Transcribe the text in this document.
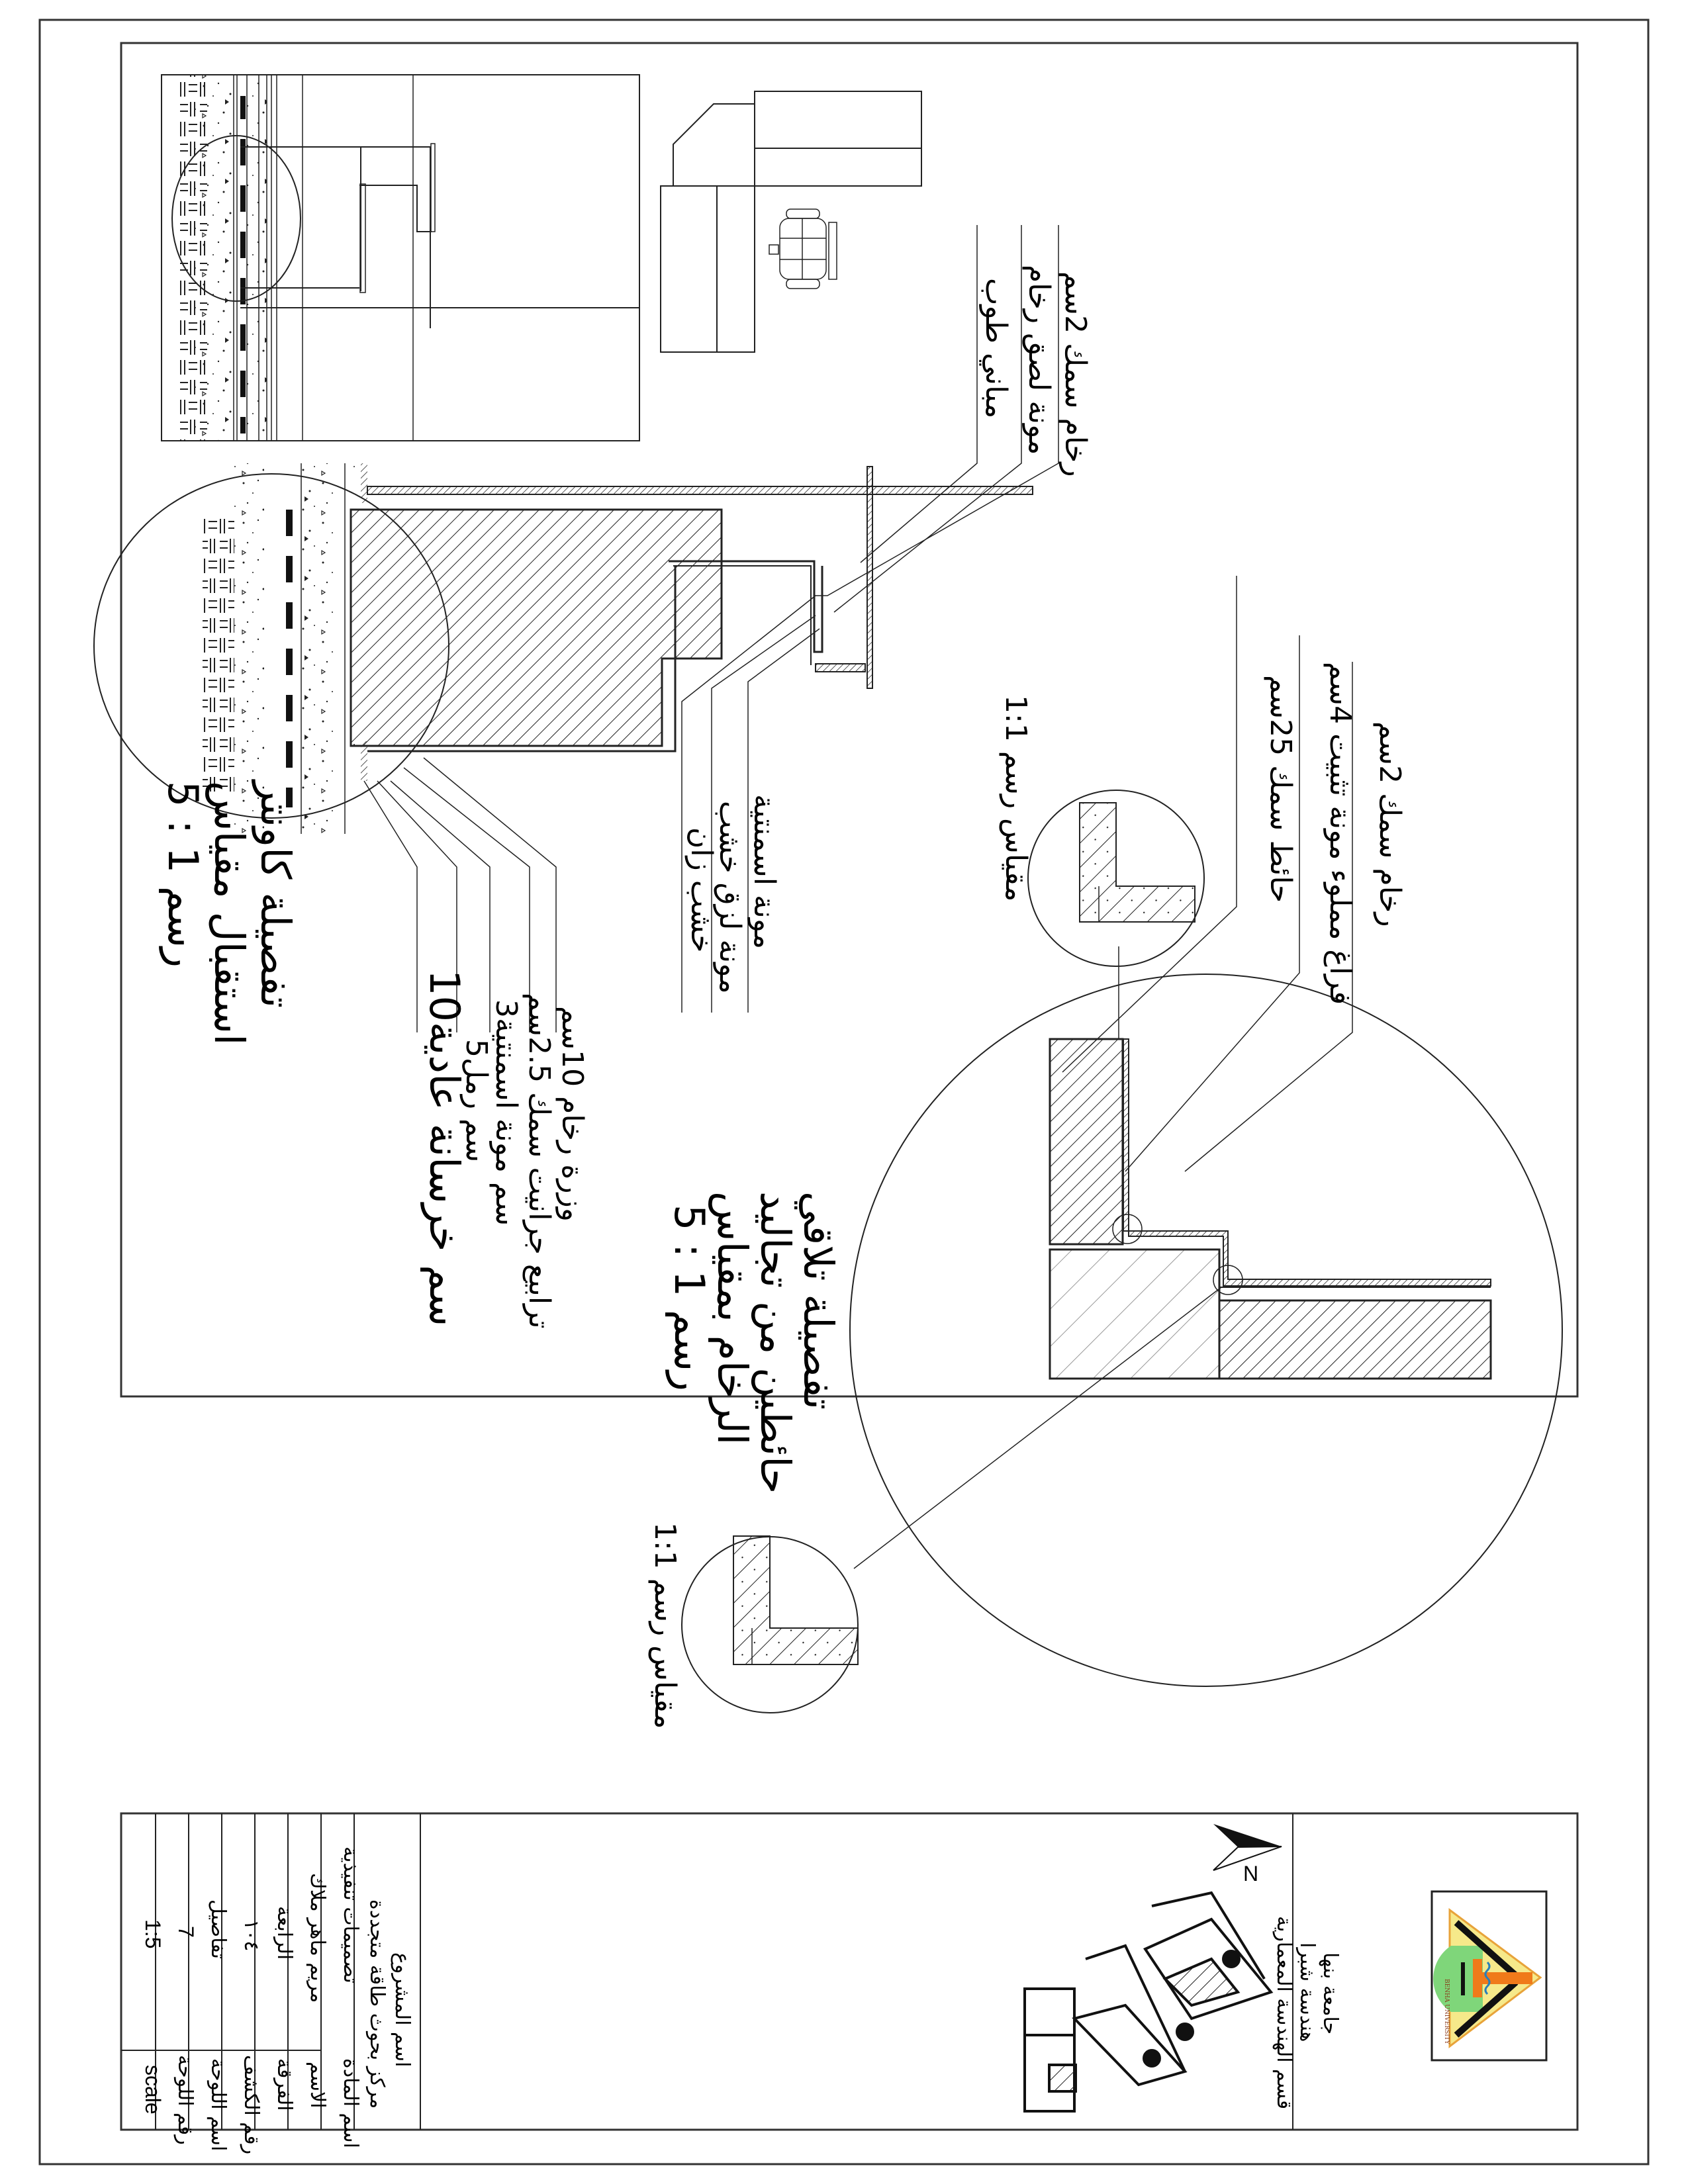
رخام سمك 2سم
مونة لصق رخام
مباني طوب
مونة اسمنتية
مونة لزق خشب
خشب زان
وزرة رخام 10سم
ترابيع جرانيت سمك 2.5سم
3سم مونة اسمنتية
5سم رمل
10سم خرسانة عادية
تفصيلة كاونتر
استقبال مقياس
رسم 1 : 5
رخام سمك 2سم
فراغ مملوء مونة تثبيت 4سم
حائط سمك 25سم
تفصيلة تلاقي
حائطين من تجاليد
الرخام بمقياس
رسم 1 : 5
مقياس رسم 1:1
مقياس رسم 1:1
اسم المشروع
مركز بحوث طاقة متجددة
اسم المادة
تصميمات تنفيذية
الاسم
مريم ماهر ملاك
الفرقة
الرابعة
رقم الكشف
١٠٤
اسم اللوحة
تفاصيل
رقم اللوحة
7
scale
1:5
N
جامعة بنها
هندسة شبرا
قسم الهندسة المعمارية	BENHA UNIVERSITY
